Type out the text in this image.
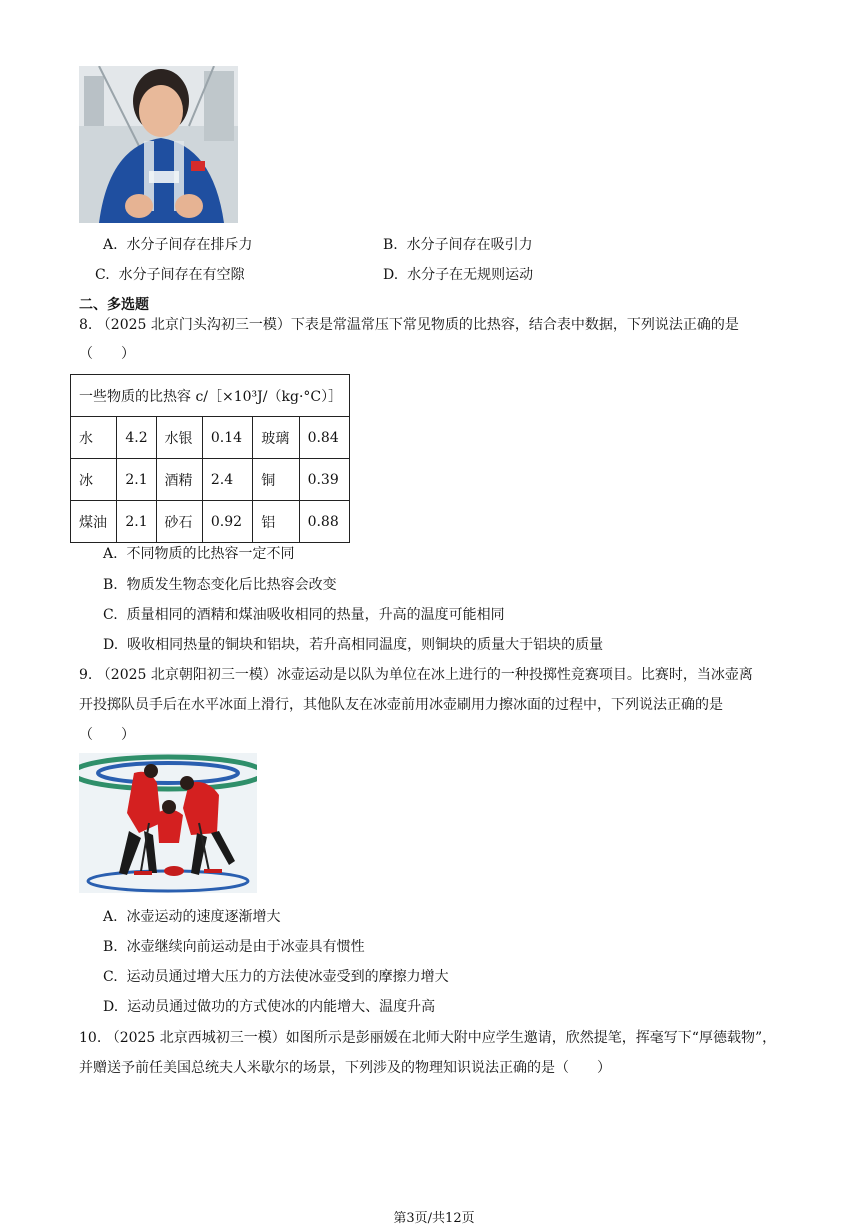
A. 水分子间存在排斥力	B. 水分子间存在吸引力
C. 水分子间存在有空隙	D. 水分子在无规则运动
二、多选题
8. （2025 北京门头沟初三一模）下表是常温常压下常见物质的比热容，结合表中数据，下列说法正确的是
（　　）
一些物质的比热容 c/［×10³J/（kg·°C）］					
水	4.2	水银	0.14	玻璃	0.84
冰	2.1	酒精	2.4	铜	0.39
煤油	2.1	砂石	0.92	铝	0.88
A. 不同物质的比热容一定不同
B. 物质发生物态变化后比热容会改变
C. 质量相同的酒精和煤油吸收相同的热量，升高的温度可能相同
D. 吸收相同热量的铜块和铝块，若升高相同温度，则铜块的质量大于铝块的质量
9. （2025 北京朝阳初三一模）冰壶运动是以队为单位在冰上进行的一种投掷性竞赛项目。比赛时，当冰壶离
开投掷队员手后在水平冰面上滑行，其他队友在冰壶前用冰壶刷用力擦冰面的过程中，下列说法正确的是
（　　）
A. 冰壶运动的速度逐渐增大
B. 冰壶继续向前运动是由于冰壶具有惯性
C. 运动员通过增大压力的方法使冰壶受到的摩擦力增大
D. 运动员通过做功的方式使冰的内能增大、温度升高
10. （2025 北京西城初三一模）如图所示是彭丽媛在北师大附中应学生邀请，欣然提笔，挥毫写下“厚德载物”，
并赠送予前任美国总统夫人米歇尔的场景，下列涉及的物理知识说法正确的是（　　）
第3页/共12页
